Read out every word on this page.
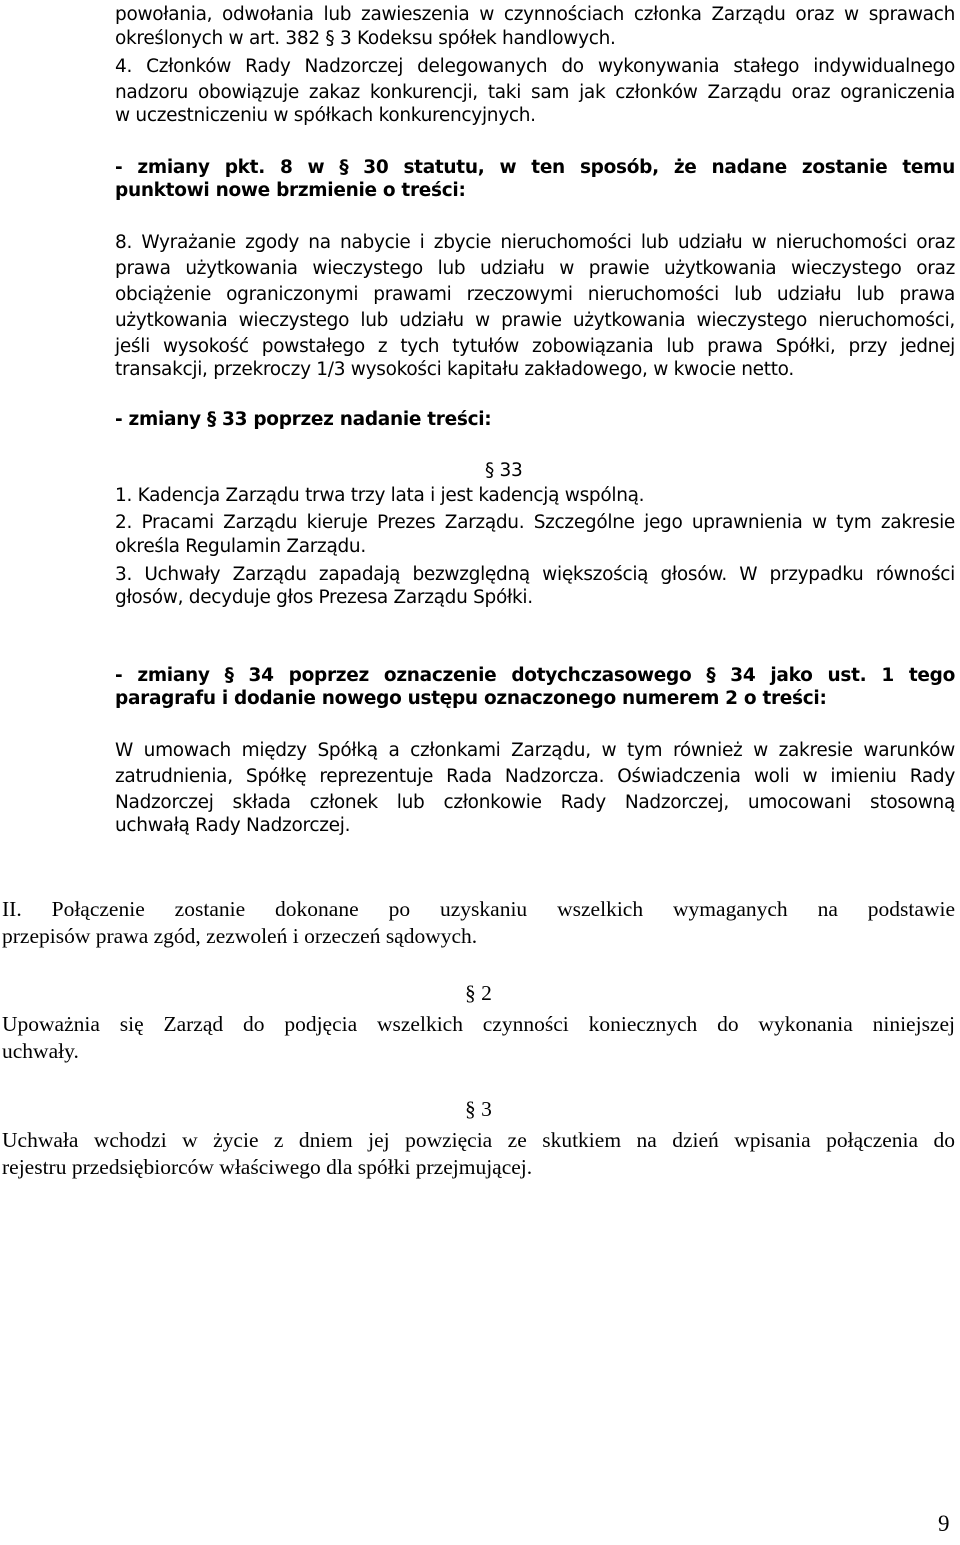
powołania, odwołania lub zawieszenia w czynnościach członka Zarządu oraz w sprawach
określonych w art. 382 § 3 Kodeksu spółek handlowych.
4. Członków Rady Nadzorczej delegowanych do wykonywania stałego indywidualnego
nadzoru obowiązuje zakaz konkurencji, taki sam jak członków Zarządu oraz ograniczenia
w uczestniczeniu w spółkach konkurencyjnych.
- zmiany pkt. 8 w § 30 statutu, w ten sposób, że nadane zostanie temu
punktowi nowe brzmienie o treści:
8. Wyrażanie zgody na nabycie i zbycie nieruchomości lub udziału w nieruchomości oraz
prawa użytkowania wieczystego lub udziału w prawie użytkowania wieczystego oraz
obciążenie ograniczonymi prawami rzeczowymi nieruchomości lub udziału lub prawa
użytkowania wieczystego lub udziału w prawie użytkowania wieczystego nieruchomości,
jeśli wysokość powstałego z tych tytułów zobowiązania lub prawa Spółki, przy jednej
transakcji, przekroczy 1/3 wysokości kapitału zakładowego, w kwocie netto.
- zmiany § 33 poprzez nadanie treści:
§ 33
1. Kadencja Zarządu trwa trzy lata i jest kadencją wspólną.
2. Pracami Zarządu kieruje Prezes Zarządu. Szczególne jego uprawnienia w tym zakresie
określa Regulamin Zarządu.
3. Uchwały Zarządu zapadają bezwzględną większością głosów. W przypadku równości
głosów, decyduje głos Prezesa Zarządu Spółki.
- zmiany § 34 poprzez oznaczenie dotychczasowego § 34 jako ust. 1 tego
paragrafu i dodanie nowego ustępu oznaczonego numerem 2 o treści:
W umowach między Spółką a członkami Zarządu, w tym również w zakresie warunków
zatrudnienia, Spółkę reprezentuje Rada Nadzorcza. Oświadczenia woli w imieniu Rady
Nadzorczej składa członek lub członkowie Rady Nadzorczej, umocowani stosowną
uchwałą Rady Nadzorczej.
II. Połączenie zostanie dokonane po uzyskaniu wszelkich wymaganych na podstawie
przepisów prawa zgód, zezwoleń i orzeczeń sądowych.
§ 2
Upoważnia się Zarząd do podjęcia wszelkich czynności koniecznych do wykonania niniejszej
uchwały.
§ 3
Uchwała wchodzi w życie z dniem jej powzięcia ze skutkiem na dzień wpisania połączenia do
rejestru przedsiębiorców właściwego dla spółki przejmującej.
9
